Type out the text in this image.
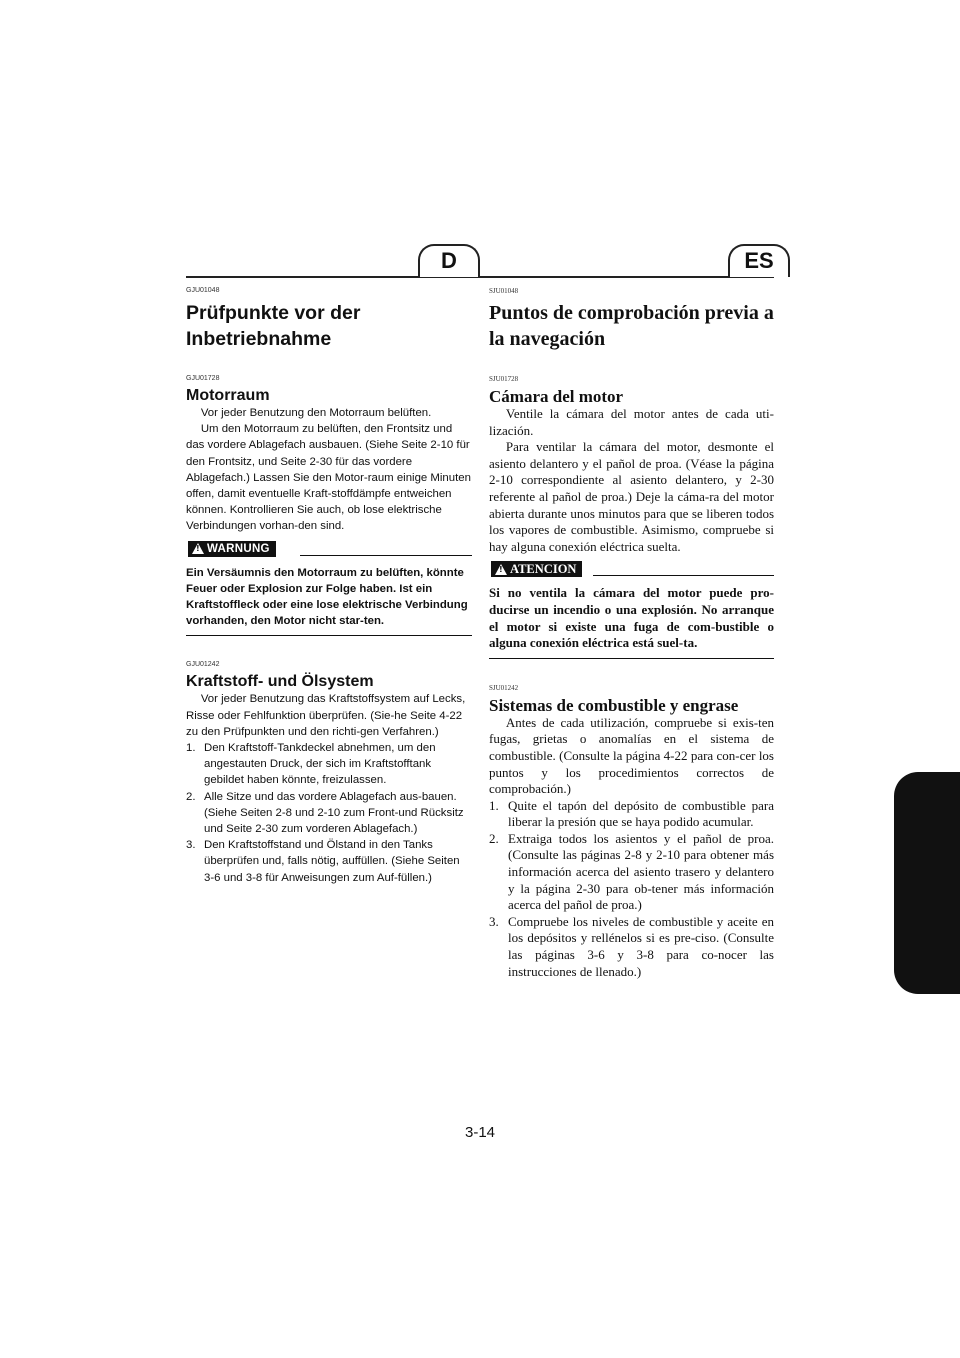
D	ES

GJU01048

Prüfpunkte vor der
Inbetriebnahme

GJU01728

Motorraum

Vor jeder Benutzung den Motorraum belüften.

Um den Motorraum zu belüften, den Frontsitz und das vordere Ablagefach ausbauen. (Siehe Seite 2-10 für den Frontsitz, und Seite 2-30 für das vordere Ablagefach.) Lassen Sie den Motor-raum einige Minuten offen, damit eventuelle Kraft-stoffdämpfe entweichen können. Kontrollieren Sie auch, ob lose elektrische Verbindungen vorhan-den sind.

!
WARNUNG

Ein Versäumnis den Motorraum zu belüften, könnte Feuer oder Explosion zur Folge haben. Ist ein Kraftstoffleck oder eine lose elektrische Verbindung vorhanden, den Motor nicht star-ten.

GJU01242

Kraftstoff- und Ölsystem

Vor jeder Benutzung das Kraftstoffsystem auf Lecks, Risse oder Fehlfunktion überprüfen. (Sie-he Seite 4-22 zu den Prüfpunkten und den richti-gen Verfahren.)

1. Den Kraftstoff-Tankdeckel abnehmen, um den angestauten Druck, der sich im Kraftstofftank gebildet haben könnte, freizulassen.
2. Alle Sitze und das vordere Ablagefach aus-bauen. (Siehe Seiten 2-8 und 2-10 zum Front-und Rücksitz und Seite 2-30 zum vorderen Ablagefach.)
3. Den Kraftstoffstand und Ölstand in den Tanks überprüfen und, falls nötig, auffüllen. (Siehe Seiten 3-6 und 3-8 für Anweisungen zum Auf-füllen.)

SJU01048

Puntos de comprobación previa a
la navegación

SJU01728

Cámara del motor

Ventile la cámara del motor antes de cada uti-lización.

Para ventilar la cámara del motor, desmonte el asiento delantero y el pañol de proa. (Véase la página 2-10 correspondiente al asiento delantero, y 2-30 referente al pañol de proa.) Deje la cáma-ra del motor abierta durante unos minutos para que se liberen todos los vapores de combustible. Asimismo, compruebe si hay alguna conexión eléctrica suelta.

!
ATENCION

Si no ventila la cámara del motor puede pro-ducirse un incendio o una explosión. No arranque el motor si existe una fuga de com-bustible o alguna conexión eléctrica está suel-ta.

SJU01242

Sistemas de combustible y engrase

Antes de cada utilización, compruebe si exis-ten fugas, grietas o anomalías en el sistema de combustible. (Consulte la página 4-22 para con-cer los puntos y los procedimientos correctos de comprobación.)

1. Quite el tapón del depósito de combustible para liberar la presión que se haya podido acumular.
2. Extraiga todos los asientos y el pañol de proa. (Consulte las páginas 2-8 y 2-10 para obtener más información acerca del asiento trasero y delantero y la página 2-30 para ob-tener más información acerca del pañol de proa.)
3. Compruebe los niveles de combustible y aceite en los depósitos y rellénelos si es pre-ciso. (Consulte las páginas 3-6 y 3-8 para co-nocer las instrucciones de llenado.)
3-14
